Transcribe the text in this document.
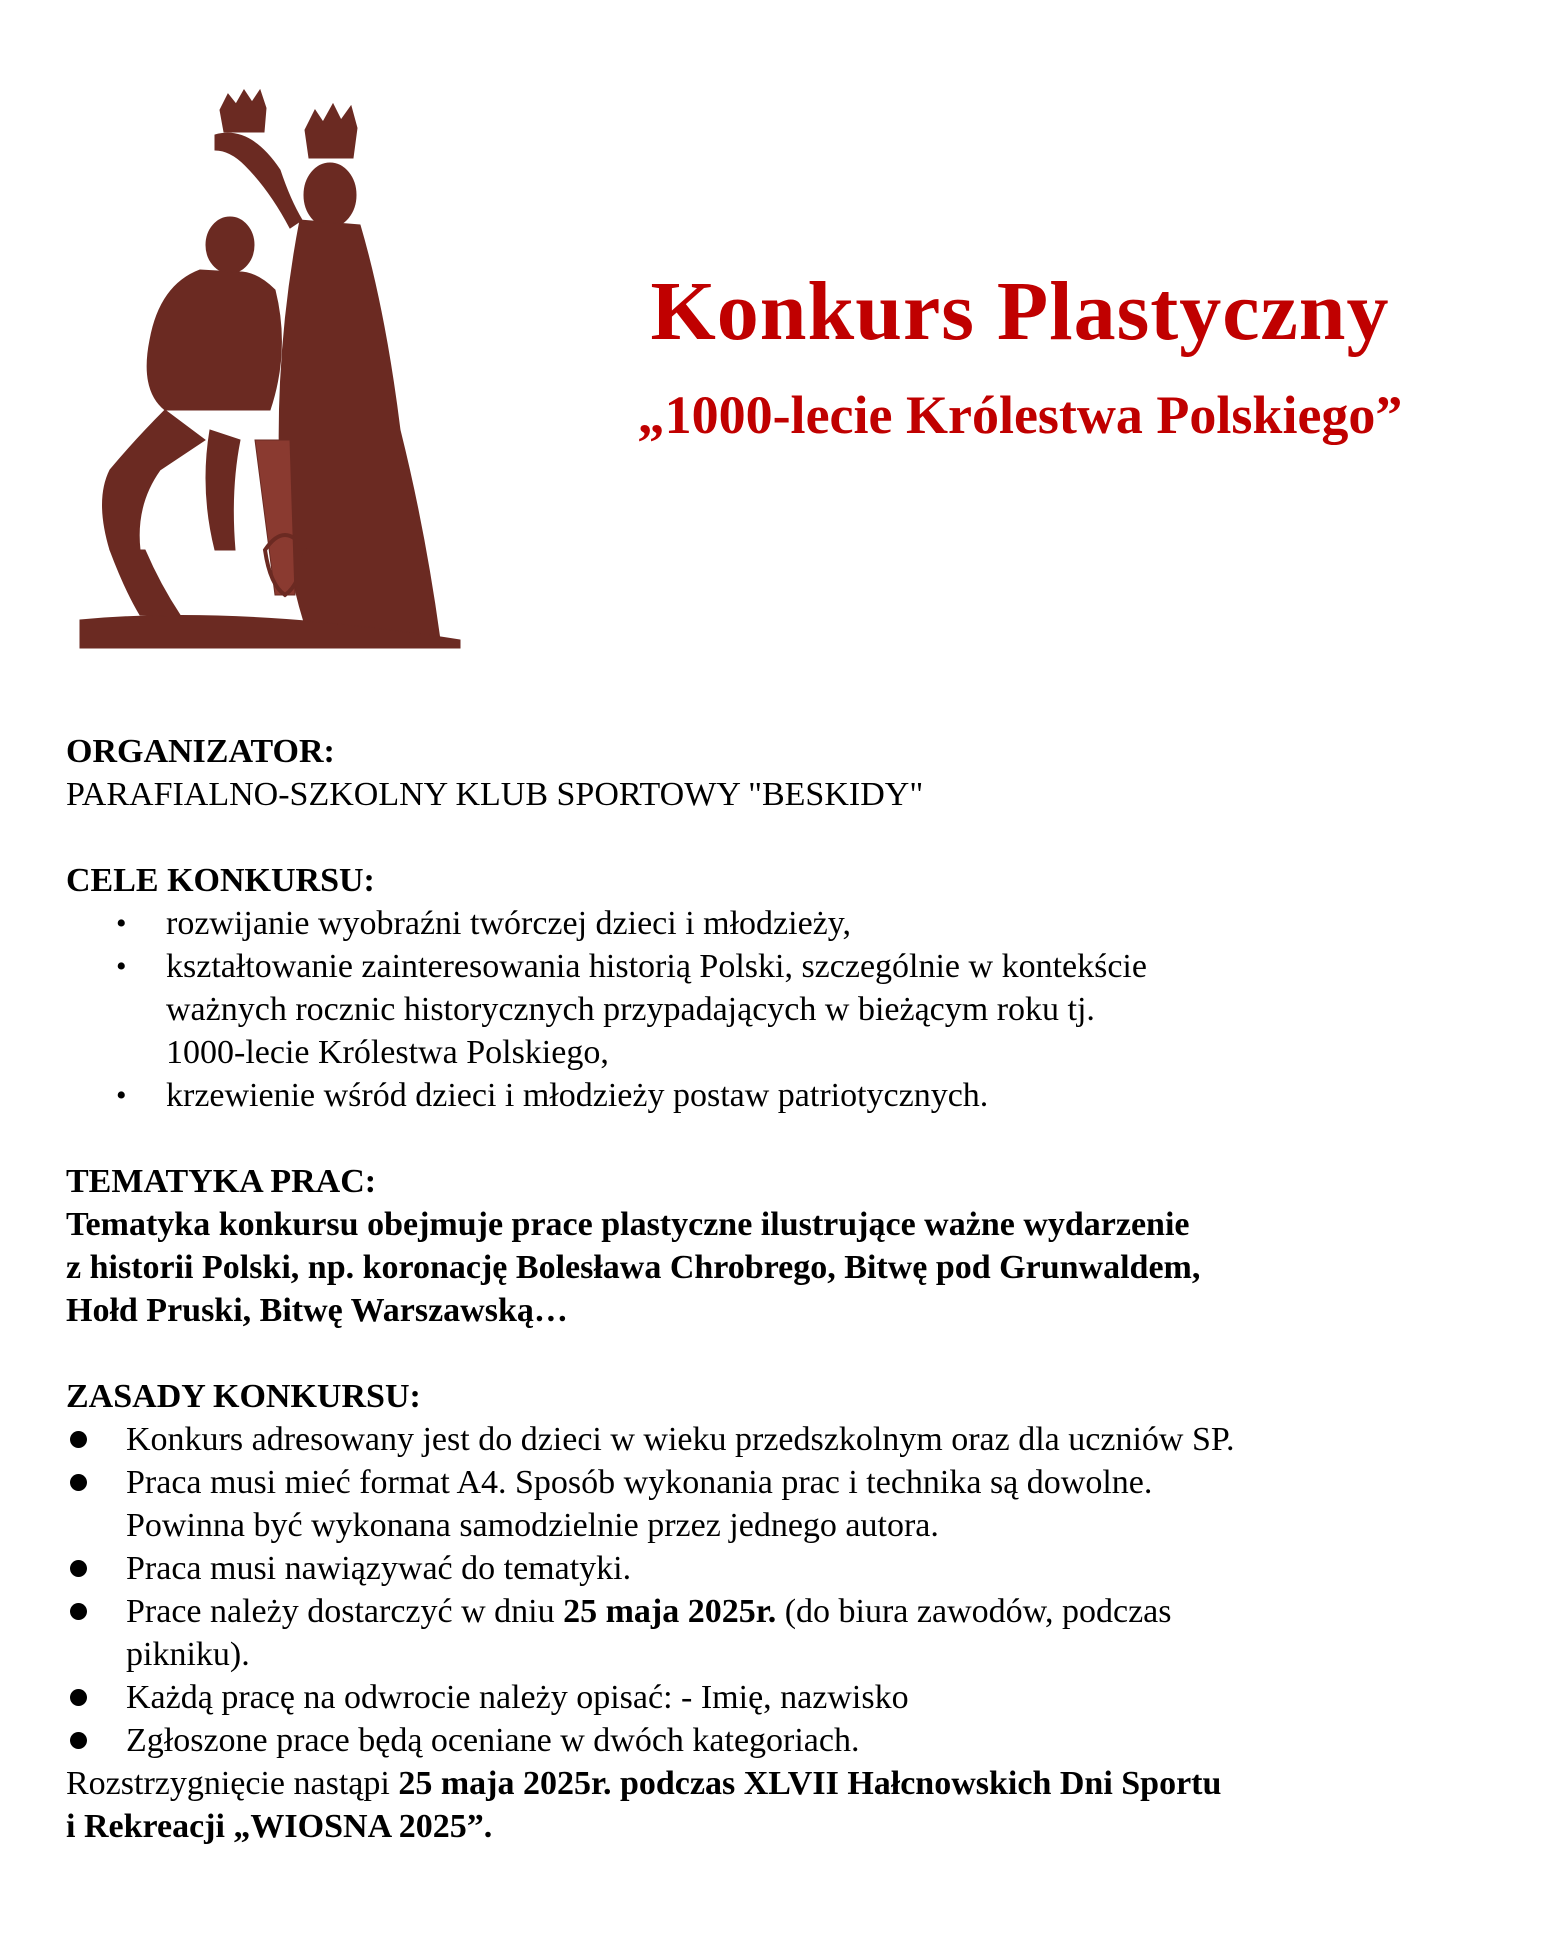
Konkurs Plastyczny
„1000-lecie Królestwa Polskiego”

ORGANIZATOR:

PARAFIALNO-SZKOLNY KLUB SPORTOWY "BESKIDY"

CELE KONKURSU:

• rozwijanie wyobraźni twórczej dzieci i młodzieży,
• kształtowanie zainteresowania historią Polski, szczególnie w kontekście
ważnych rocznic historycznych przypadających w bieżącym roku tj.
1000-lecie Królestwa Polskiego,
• krzewienie wśród dzieci i młodzieży postaw patriotycznych.

TEMATYKA PRAC:

Tematyka konkursu obejmuje prace plastyczne ilustrujące ważne wydarzenie

z historii Polski, np. koronację Bolesława Chrobrego, Bitwę pod Grunwaldem,

Hołd Pruski, Bitwę Warszawską…

ZASADY KONKURSU:

Konkurs adresowany jest do dzieci w wieku przedszkolnym oraz dla uczniów SP.
Praca musi mieć format A4. Sposób wykonania prac i technika są dowolne.
Powinna być wykonana samodzielnie przez jednego autora.
Praca musi nawiązywać do tematyki.
Prace należy dostarczyć w dniu 25 maja 2025r. (do biura zawodów, podczas
pikniku).
Każdą pracę na odwrocie należy opisać: - Imię, nazwisko
Zgłoszone prace będą oceniane w dwóch kategoriach.

Rozstrzygnięcie nastąpi 25 maja 2025r. podczas XLVII Hałcnowskich Dni Sportu

i Rekreacji „WIOSNA 2025”.
